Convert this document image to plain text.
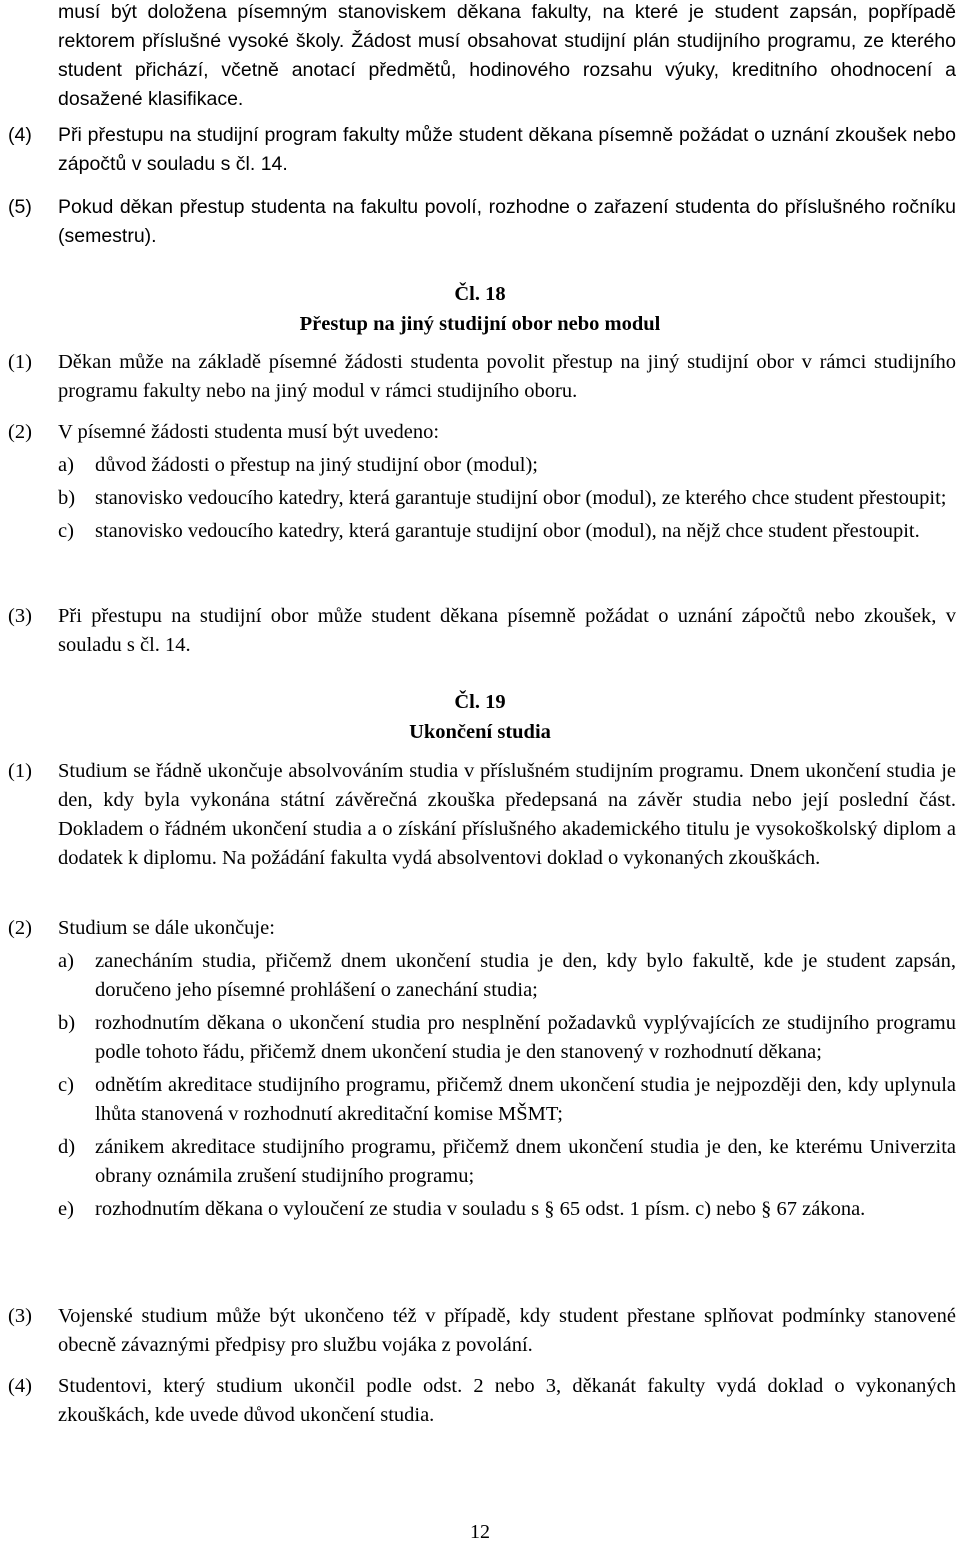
musí být doložena písemným stanoviskem děkana fakulty, na které je student zapsán, popřípadě rektorem příslušné vysoké školy. Žádost musí obsahovat studijní plán studijního programu, ze kterého student přichází, včetně anotací předmětů, hodinového rozsahu výuky, kreditního ohodnocení a dosažené klasifikace.
(4)	Při přestupu na studijní program fakulty může student děkana písemně požádat o uznání zkoušek nebo zápočtů v souladu s čl. 14.
(5)	Pokud děkan přestup studenta na fakultu povolí, rozhodne o zařazení studenta do příslušného ročníku (semestru).
Čl. 18
Přestup na jiný studijní obor nebo modul
(1)	Děkan může na základě písemné žádosti studenta povolit přestup na jiný studijní obor v rámci studijního programu fakulty nebo na jiný modul v rámci studijního oboru.
(2)	V písemné žádosti studenta musí být uvedeno:
a)	důvod žádosti o přestup na jiný studijní obor (modul);
b) stanovisko vedoucího katedry, která garantuje studijní obor (modul), ze kterého chce student přestoupit;
c)	stanovisko vedoucího katedry, která garantuje studijní obor (modul), na nějž chce student přestoupit.
(3)	Při přestupu na studijní obor může student děkana písemně požádat o uznání zápočtů nebo zkoušek, v souladu s čl. 14.
Čl. 19
Ukončení studia
(1)	Studium se řádně ukončuje absolvováním studia v příslušném studijním programu. Dnem ukončení studia je den, kdy byla vykonána státní závěrečná zkouška předepsaná na závěr studia nebo její poslední část. Dokladem o řádném ukončení studia a o získání příslušného akademického titulu je vysokoškolský diplom a dodatek k diplomu. Na požádání fakulta vydá absolventovi doklad o vykonaných zkouškách.
(2)	Studium se dále ukončuje:
a)	zanecháním studia, přičemž dnem ukončení studia je den, kdy bylo fakultě, kde je student zapsán, doručeno jeho písemné prohlášení o zanechání studia;
b) rozhodnutím děkana o ukončení studia pro nesplnění požadavků vyplývajících ze studijního programu podle tohoto řádu, přičemž dnem ukončení studia je den stanovený v rozhodnutí děkana;
c)	odnětím akreditace studijního programu, přičemž dnem ukončení studia je nejpozději den, kdy uplynula lhůta stanovená v rozhodnutí akreditační komise MŠMT;
d) zánikem akreditace studijního programu, přičemž dnem ukončení studia je den, ke kterému Univerzita obrany oznámila zrušení studijního programu;
e)	rozhodnutím děkana o vyloučení ze studia v souladu s § 65 odst. 1 písm. c) nebo § 67 zákona.
(3)	Vojenské studium může být ukončeno též v případě, kdy student přestane splňovat podmínky stanovené obecně závaznými předpisy pro službu vojáka z povolání.
(4)	Studentovi, který studium ukončil podle odst. 2 nebo 3, děkanát fakulty vydá doklad o vykonaných zkouškách, kde uvede důvod ukončení studia.
12
